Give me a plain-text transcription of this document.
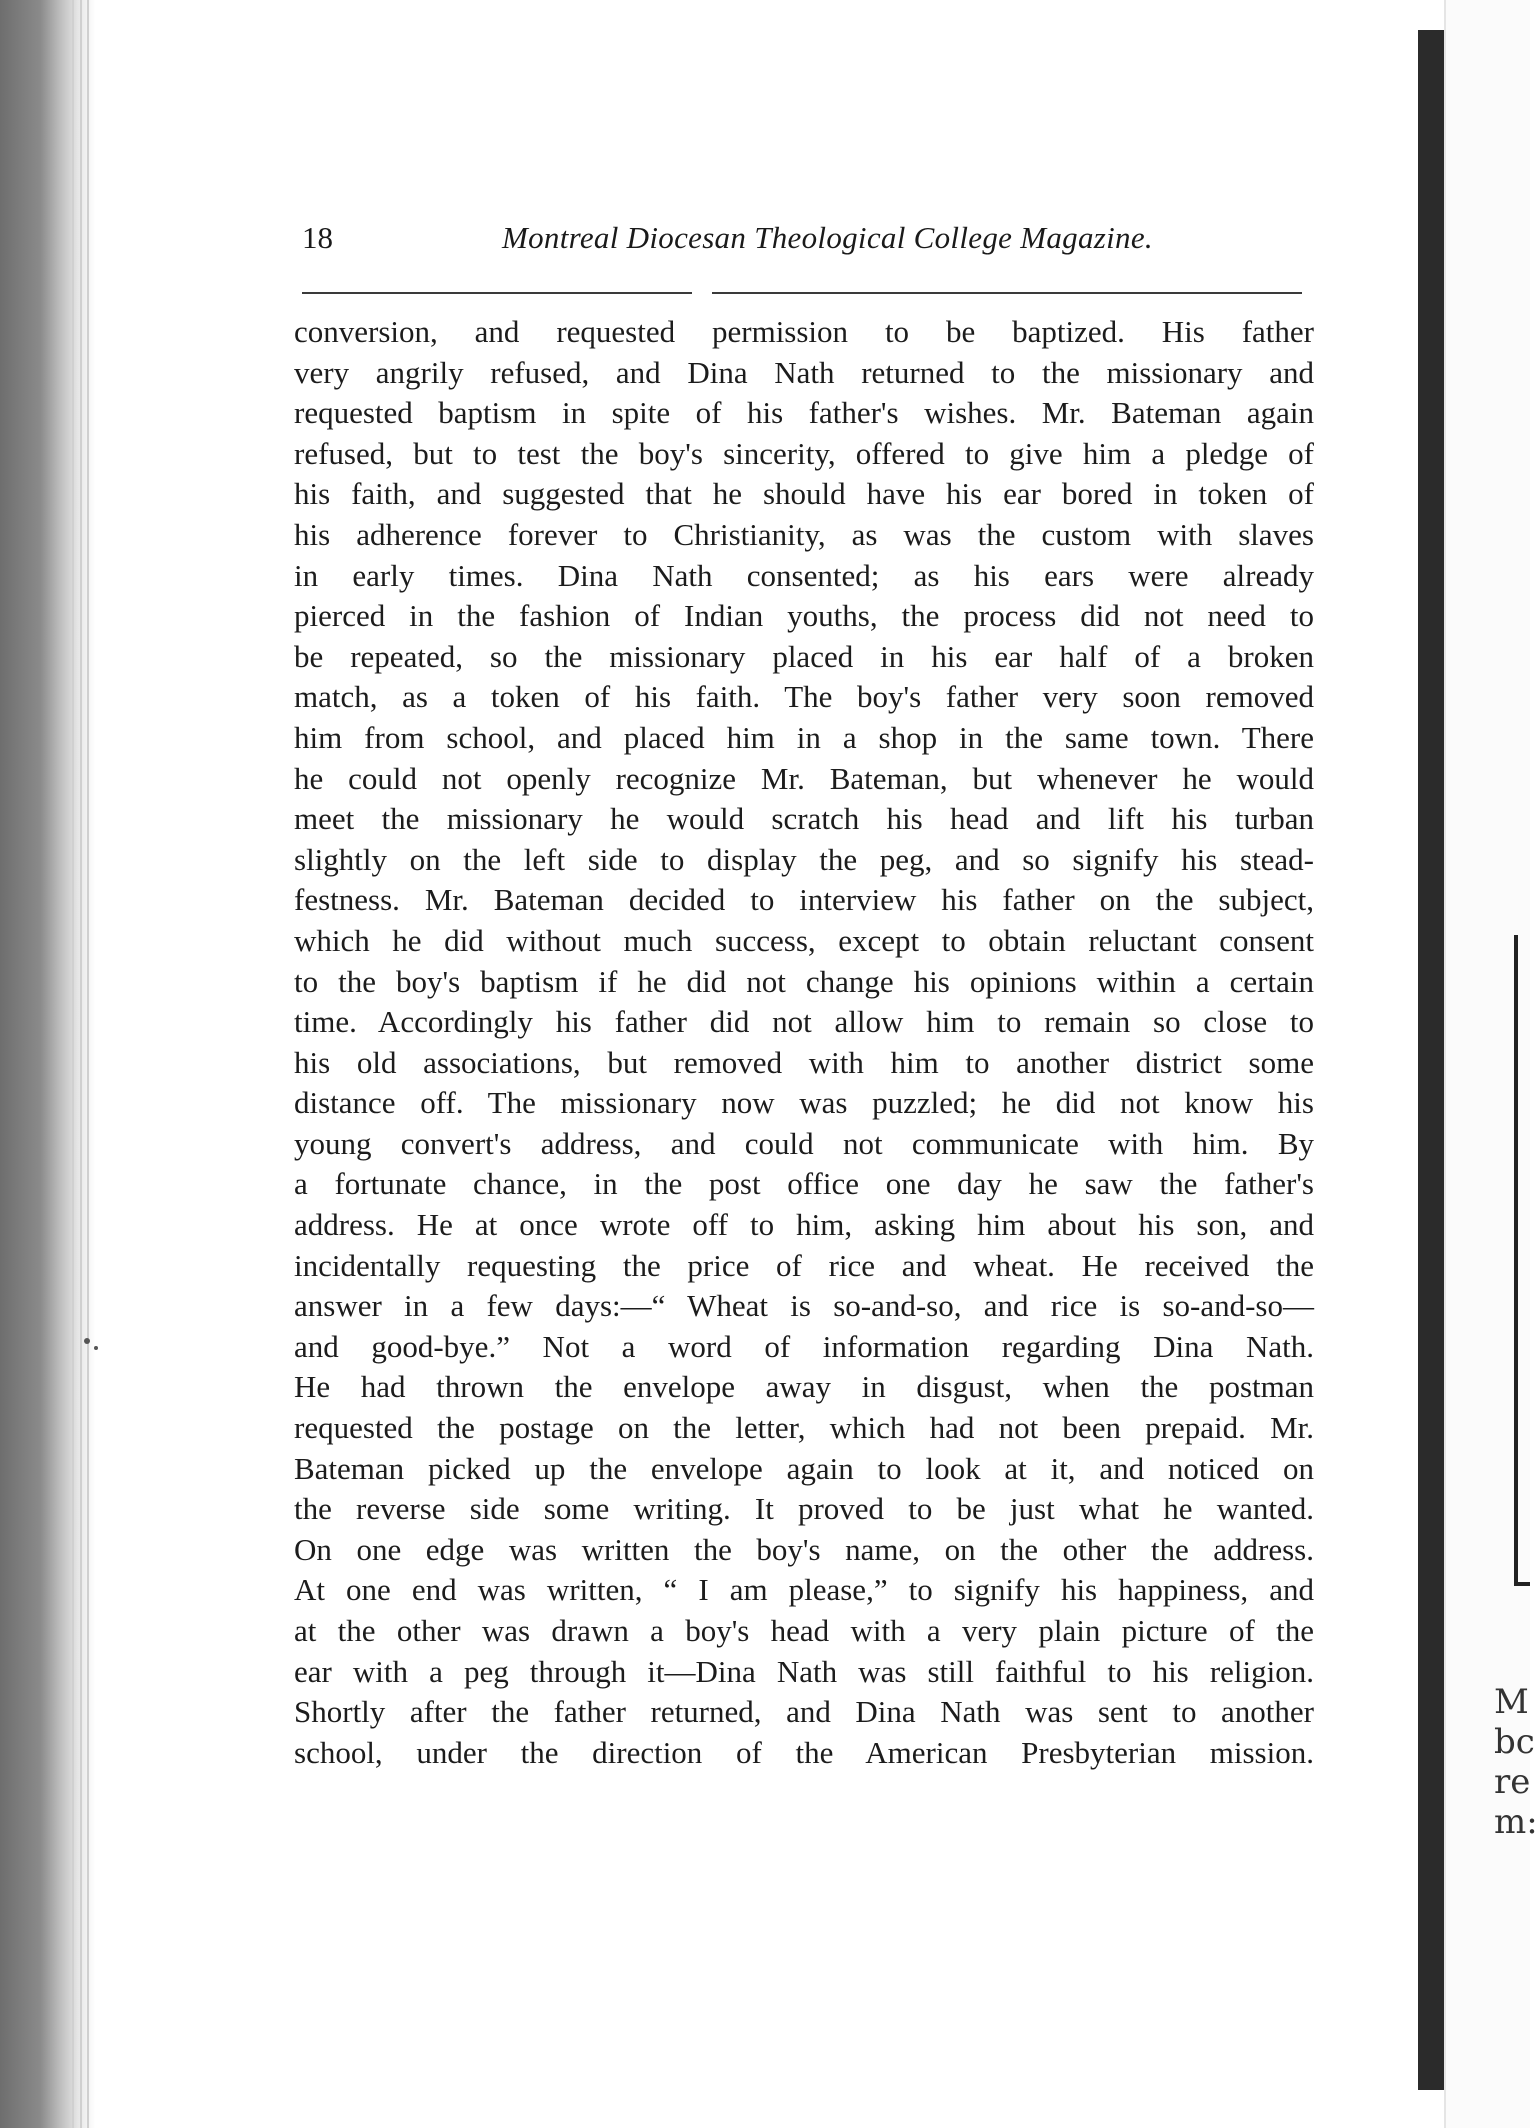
18	Montreal Diocesan Theological College Magazine.
conversion, and requested permission to be baptized. His father
very angrily refused, and Dina Nath returned to the missionary and
requested baptism in spite of his father's wishes. Mr. Bateman again
refused, but to test the boy's sincerity, offered to give him a pledge of
his faith, and suggested that he should have his ear bored in token of
his adherence forever to Christianity, as was the custom with slaves
in early times. Dina Nath consented; as his ears were already
pierced in the fashion of Indian youths, the process did not need to
be repeated, so the missionary placed in his ear half of a broken
match, as a token of his faith. The boy's father very soon removed
him from school, and placed him in a shop in the same town. There
he could not openly recognize Mr. Bateman, but whenever he would
meet the missionary he would scratch his head and lift his turban
slightly on the left side to display the peg, and so signify his stead-
festness. Mr. Bateman decided to interview his father on the subject,
which he did without much success, except to obtain reluctant consent
to the boy's baptism if he did not change his opinions within a certain
time. Accordingly his father did not allow him to remain so close to
his old associations, but removed with him to another district some
distance off. The missionary now was puzzled; he did not know his
young convert's address, and could not communicate with him. By
a fortunate chance, in the post office one day he saw the father's
address. He at once wrote off to him, asking him about his son, and
incidentally requesting the price of rice and wheat. He received the
answer in a few days:—“ Wheat is so-and-so, and rice is so-and-so—
and good-bye.” Not a word of information regarding Dina Nath.
He had thrown the envelope away in disgust, when the postman
requested the postage on the letter, which had not been prepaid. Mr.
Bateman picked up the envelope again to look at it, and noticed on
the reverse side some writing. It proved to be just what he wanted.
On one edge was written the boy's name, on the other the address.
At one end was written, “ I am please,” to signify his happiness, and
at the other was drawn a boy's head with a very plain picture of the
ear with a peg through it—Dina Nath was still faithful to his religion.
Shortly after the father returned, and Dina Nath was sent to another
school, under the direction of the American Presbyterian mission.
M
bc
re
m:
